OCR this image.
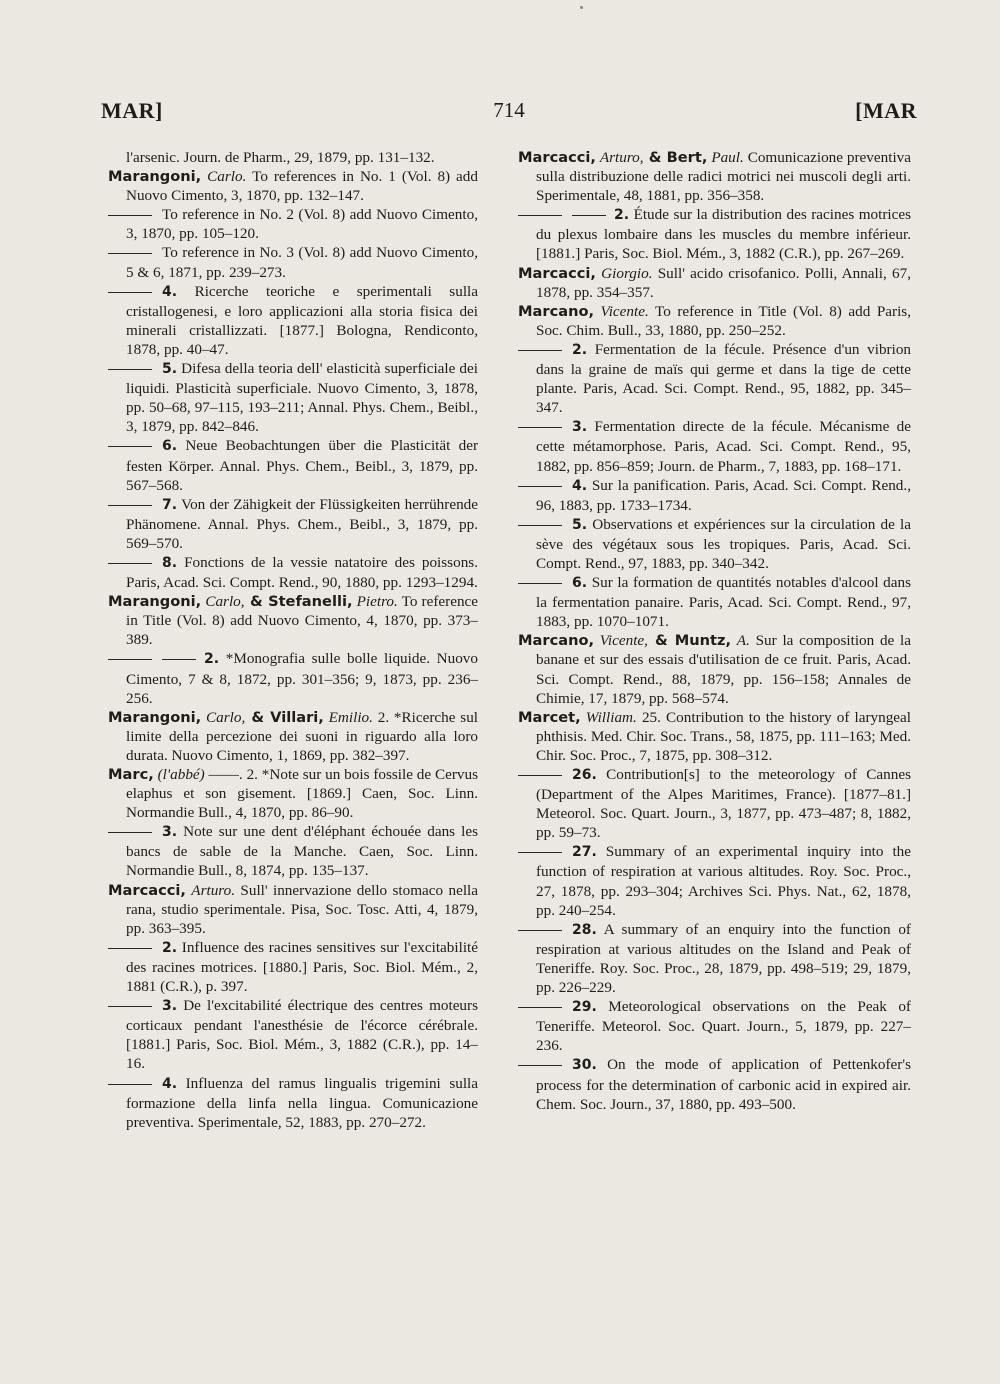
MAR]	714	[MAR

l'arsenic. Journ. de Pharm., 29, 1879, pp. 131–132.

Marangoni, Carlo. To references in No. 1 (Vol. 8) add Nuovo Cimento, 3, 1870, pp. 132–147.

To reference in No. 2 (Vol. 8) add Nuovo Cimento, 3, 1870, pp. 105–120.

To reference in No. 3 (Vol. 8) add Nuovo Cimento, 5 & 6, 1871, pp. 239–273.

4. Ricerche teoriche e sperimentali sulla cristallogenesi, e loro applicazioni alla storia fisica dei minerali cristallizzati. [1877.] Bologna, Rendiconto, 1878, pp. 40–47.

5. Difesa della teoria dell' elasticità superficiale dei liquidi. Plasticità superficiale. Nuovo Cimento, 3, 1878, pp. 50–68, 97–115, 193–211; Annal. Phys. Chem., Beibl., 3, 1879, pp. 842–846.

6. Neue Beobachtungen über die Plasticität der festen Körper. Annal. Phys. Chem., Beibl., 3, 1879, pp. 567–568.

7. Von der Zähigkeit der Flüssigkeiten herrührende Phänomene. Annal. Phys. Chem., Beibl., 3, 1879, pp. 569–570.

8. Fonctions de la vessie natatoire des poissons. Paris, Acad. Sci. Compt. Rend., 90, 1880, pp. 1293–1294.

Marangoni, Carlo, & Stefanelli, Pietro. To reference in Title (Vol. 8) add Nuovo Cimento, 4, 1870, pp. 373–389.

2. *Monografia sulle bolle liquide. Nuovo Cimento, 7 & 8, 1872, pp. 301–356; 9, 1873, pp. 236–256.

Marangoni, Carlo, & Villari, Emilio. 2. *Ricerche sul limite della percezione dei suoni in riguardo alla loro durata. Nuovo Cimento, 1, 1869, pp. 382–397.

Marc, (l'abbé) ——. 2. *Note sur un bois fossile de Cervus elaphus et son gisement. [1869.] Caen, Soc. Linn. Normandie Bull., 4, 1870, pp. 86–90.

3. Note sur une dent d'éléphant échouée dans les bancs de sable de la Manche. Caen, Soc. Linn. Normandie Bull., 8, 1874, pp. 135–137.

Marcacci, Arturo. Sull' innervazione dello stomaco nella rana, studio sperimentale. Pisa, Soc. Tosc. Atti, 4, 1879, pp. 363–395.

2. Influence des racines sensitives sur l'excitabilité des racines motrices. [1880.] Paris, Soc. Biol. Mém., 2, 1881 (C.R.), p. 397.

3. De l'excitabilité électrique des centres moteurs corticaux pendant l'anesthésie de l'écorce cérébrale. [1881.] Paris, Soc. Biol. Mém., 3, 1882 (C.R.), pp. 14–16.

4. Influenza del ramus lingualis trigemini sulla formazione della linfa nella lingua. Comunicazione preventiva. Sperimentale, 52, 1883, pp. 270–272.

Marcacci, Arturo, & Bert, Paul. Comunicazione preventiva sulla distribuzione delle radici motrici nei muscoli degli arti. Sperimentale, 48, 1881, pp. 356–358.

2. Étude sur la distribution des racines motrices du plexus lombaire dans les muscles du membre inférieur. [1881.] Paris, Soc. Biol. Mém., 3, 1882 (C.R.), pp. 267–269.

Marcacci, Giorgio. Sull' acido crisofanico. Polli, Annali, 67, 1878, pp. 354–357.

Marcano, Vicente. To reference in Title (Vol. 8) add Paris, Soc. Chim. Bull., 33, 1880, pp. 250–252.

2. Fermentation de la fécule. Présence d'un vibrion dans la graine de maïs qui germe et dans la tige de cette plante. Paris, Acad. Sci. Compt. Rend., 95, 1882, pp. 345–347.

3. Fermentation directe de la fécule. Mécanisme de cette métamorphose. Paris, Acad. Sci. Compt. Rend., 95, 1882, pp. 856–859; Journ. de Pharm., 7, 1883, pp. 168–171.

4. Sur la panification. Paris, Acad. Sci. Compt. Rend., 96, 1883, pp. 1733–1734.

5. Observations et expériences sur la circulation de la sève des végétaux sous les tropiques. Paris, Acad. Sci. Compt. Rend., 97, 1883, pp. 340–342.

6. Sur la formation de quantités notables d'alcool dans la fermentation panaire. Paris, Acad. Sci. Compt. Rend., 97, 1883, pp. 1070–1071.

Marcano, Vicente, & Muntz, A. Sur la composition de la banane et sur des essais d'utilisation de ce fruit. Paris, Acad. Sci. Compt. Rend., 88, 1879, pp. 156–158; Annales de Chimie, 17, 1879, pp. 568–574.

Marcet, William. 25. Contribution to the history of laryngeal phthisis. Med. Chir. Soc. Trans., 58, 1875, pp. 111–163; Med. Chir. Soc. Proc., 7, 1875, pp. 308–312.

26. Contribution[s] to the meteorology of Cannes (Department of the Alpes Maritimes, France). [1877–81.] Meteorol. Soc. Quart. Journ., 3, 1877, pp. 473–487; 8, 1882, pp. 59–73.

27. Summary of an experimental inquiry into the function of respiration at various altitudes. Roy. Soc. Proc., 27, 1878, pp. 293–304; Archives Sci. Phys. Nat., 62, 1878, pp. 240–254.

28. A summary of an enquiry into the function of respiration at various altitudes on the Island and Peak of Teneriffe. Roy. Soc. Proc., 28, 1879, pp. 498–519; 29, 1879, pp. 226–229.

29. Meteorological observations on the Peak of Teneriffe. Meteorol. Soc. Quart. Journ., 5, 1879, pp. 227–236.

30. On the mode of application of Pettenkofer's process for the determination of carbonic acid in expired air. Chem. Soc. Journ., 37, 1880, pp. 493–500.
